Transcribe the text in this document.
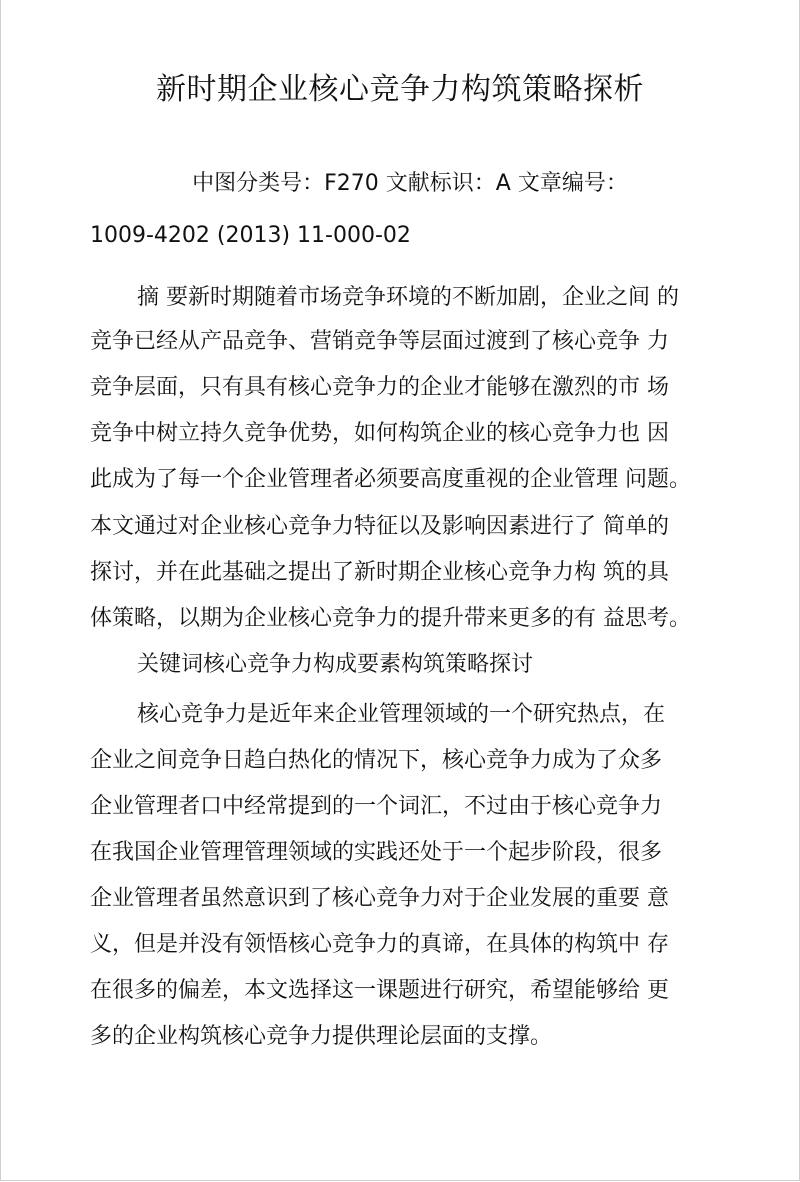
新时期企业核心竞争力构筑策略探析
中图分类号：F270 文献标识：A 文章编号：
1009-4202 (2013) 11-000-02
摘 要新时期随着市场竞争环境的不断加剧，企业之间 的
竞争已经从产品竞争、营销竞争等层面过渡到了核心竞争 力
竞争层面，只有具有核心竞争力的企业才能够在激烈的市 场
竞争中树立持久竞争优势，如何构筑企业的核心竞争力也 因
此成为了每一个企业管理者必须要高度重视的企业管理 问题。
本文通过对企业核心竞争力特征以及影响因素进行了 简单的
探讨，并在此基础之提出了新时期企业核心竞争力构 筑的具
体策略，以期为企业核心竞争力的提升带来更多的有 益思考。
关键词核心竞争力构成要素构筑策略探讨
核心竞争力是近年来企业管理领域的一个研究热点，在
企业之间竞争日趋白热化的情况下，核心竞争力成为了众多
企业管理者口中经常提到的一个词汇，不过由于核心竞争力
在我国企业管理管理领域的实践还处于一个起步阶段，很多
企业管理者虽然意识到了核心竞争力对于企业发展的重要 意
义，但是并没有领悟核心竞争力的真谛，在具体的构筑中 存
在很多的偏差，本文选择这一课题进行研究，希望能够给 更
多的企业构筑核心竞争力提供理论层面的支撑。
